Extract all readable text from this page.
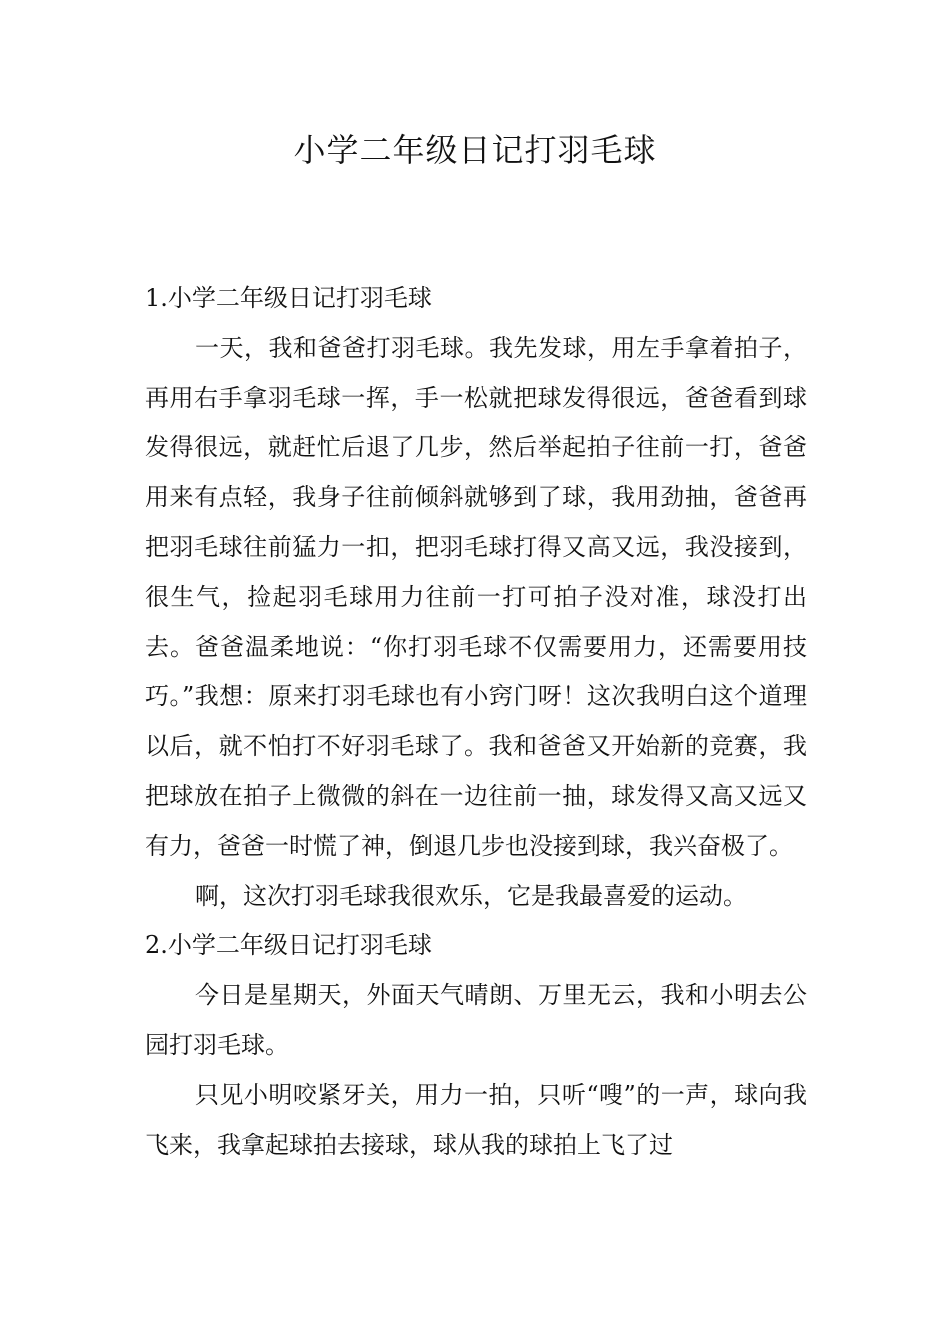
小学二年级日记打羽毛球

1.小学二年级日记打羽毛球

一天，我和爸爸打羽毛球。我先发球，用左手拿着拍子，再用右手拿羽毛球一挥，手一松就把球发得很远，爸爸看到球发得很远，就赶忙后退了几步，然后举起拍子往前一打，爸爸用来有点轻，我身子往前倾斜就够到了球，我用劲抽，爸爸再把羽毛球往前猛力一扣，把羽毛球打得又高又远，我没接到，很生气，捡起羽毛球用力往前一打可拍子没对准，球没打出去。爸爸温柔地说：“你打羽毛球不仅需要用力，还需要用技巧。”我想：原来打羽毛球也有小窍门呀！这次我明白这个道理以后，就不怕打不好羽毛球了。我和爸爸又开始新的竞赛，我把球放在拍子上微微的斜在一边往前一抽，球发得又高又远又有力，爸爸一时慌了神，倒退几步也没接到球，我兴奋极了。

啊，这次打羽毛球我很欢乐，它是我最喜爱的运动。

2.小学二年级日记打羽毛球

今日是星期天，外面天气晴朗、万里无云，我和小明去公园打羽毛球。

只见小明咬紧牙关，用力一拍，只听“嗖”的一声，球向我飞来，我拿起球拍去接球，球从我的球拍上飞了过
